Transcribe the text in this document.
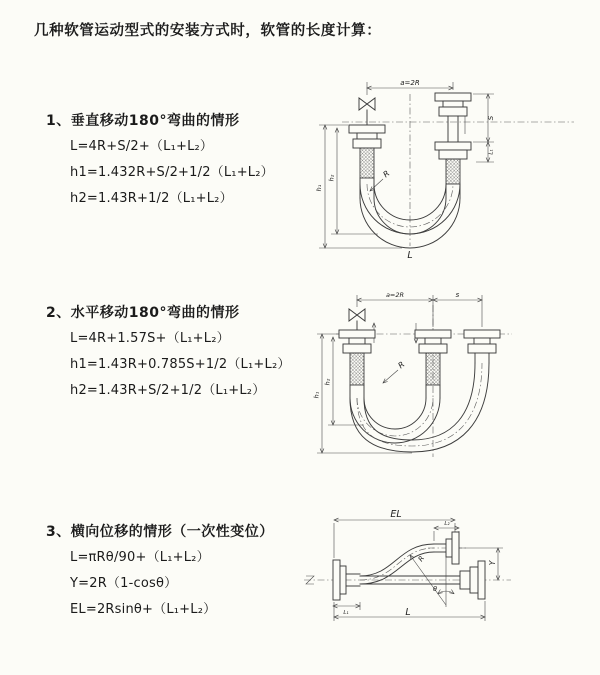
几种软管运动型式的安装方式时，软管的长度计算：
1、垂直移动180°弯曲的情形
L=4R+S/2+（L₁+L₂）
h1=1.432R+S/2+1/2（L₁+L₂）
h2=1.43R+1/2（L₁+L₂）
2、水平移动180°弯曲的情形
L=4R+1.57S+（L₁+L₂）
h1=1.43R+0.785S+1/2（L₁+L₂）
h2=1.43R+S/2+1/2（L₁+L₂）
3、横向位移的情形（一次性变位）
L=πRθ/90+（L₁+L₂）
Y=2R（1-cosθ）
EL=2Rsinθ+（L₁+L₂）
a=2R
h₁
h₂
S
L₁
R
L
a=2R	s
h₁
h₂
R
EL
L₂
Y
R
θ
L
L₁
